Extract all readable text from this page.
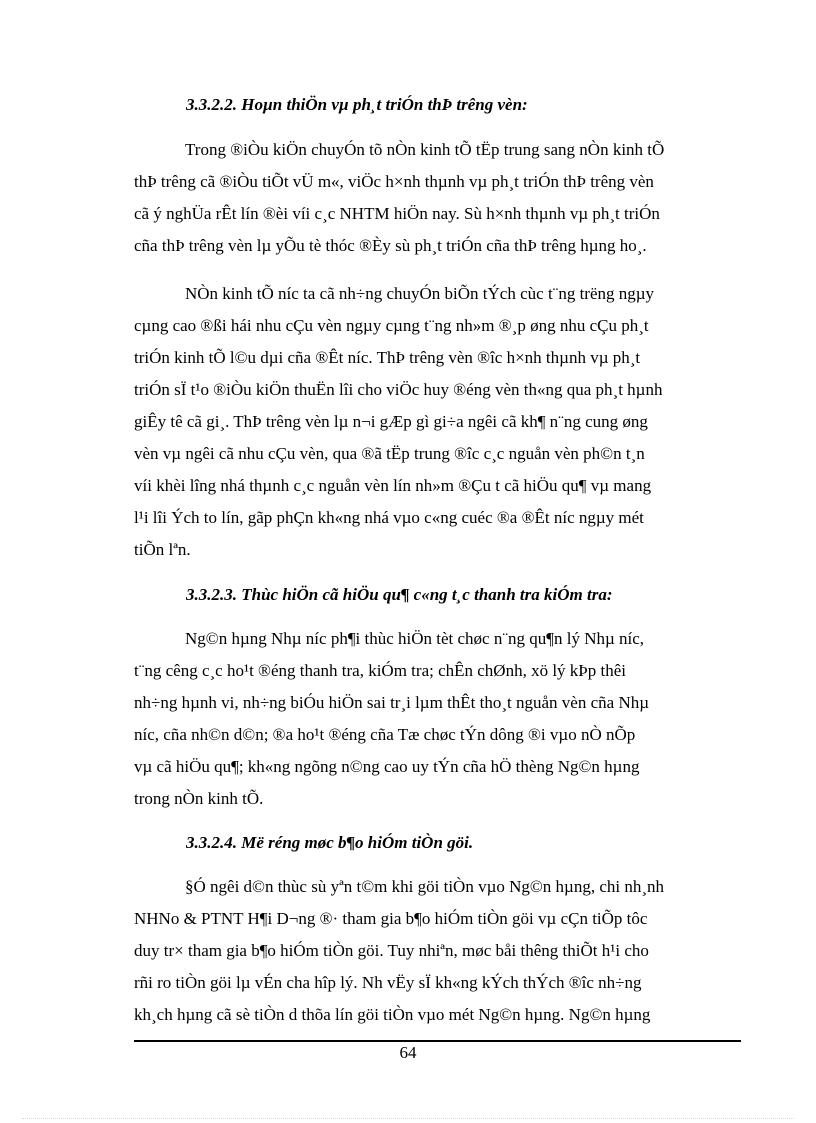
3.3.2.2. Hoµn thiÖn vµ ph¸t triÓn thÞ trêng vèn:
Trong ®iÒu kiÖn chuyÓn tõ nÒn kinh tÕ tËp trung sang nÒn kinh tÕ
thÞ trêng cã ®iÒu tiÕt vÜ m«, viÖc h×nh thµnh vµ ph¸t triÓn thÞ trêng vèn
cã ý nghÜa rÊt lín ®èi víi c¸c NHTM hiÖn nay. Sù h×nh thµnh vµ ph¸t triÓn
cña thÞ trêng vèn lµ yÕu tè thóc ®Èy sù ph¸t triÓn cña thÞ trêng hµng ho¸.
NÒn kinh tÕ níc ta cã nh÷ng chuyÓn biÕn tÝch cùc t¨ng trëng ngµy
cµng cao ®ßi hái nhu cÇu vèn ngµy cµng t¨ng nh»m ®¸p øng nhu cÇu ph¸t
triÓn kinh tÕ l©u dµi cña ®Êt níc. ThÞ trêng vèn ®îc h×nh thµnh vµ ph¸t
triÓn sÏ t¹o ®iÒu kiÖn thuËn lîi cho viÖc huy ®éng vèn th«ng qua ph¸t hµnh
giÊy tê cã gi¸. ThÞ trêng vèn lµ n¬i gÆp gì gi÷a ngêi cã kh¶ n¨ng cung øng
vèn vµ ngêi cã nhu cÇu vèn, qua ®ã tËp trung ®îc c¸c nguån vèn ph©n t¸n
víi khèi lîng nhá thµnh c¸c nguån vèn lín nh»m ®Çu t cã hiÖu qu¶ vµ mang
l¹i lîi Ých to lín, gãp phÇn kh«ng nhá vµo c«ng cuéc ®a ®Êt níc ngµy mét
tiÕn lªn.
3.3.2.3. Thùc hiÖn cã hiÖu qu¶ c«ng t¸c thanh tra kiÓm tra:
Ng©n hµng Nhµ níc ph¶i thùc hiÖn tèt chøc n¨ng qu¶n lý Nhµ níc,
t¨ng cêng c¸c ho¹t ®éng thanh tra, kiÓm tra; chÊn chØnh, xö lý kÞp thêi
nh÷ng hµnh vi, nh÷ng biÓu hiÖn sai tr¸i lµm thÊt tho¸t nguån vèn cña Nhµ
níc, cña nh©n d©n; ®a ho¹t ®éng cña Tæ chøc tÝn dông ®i vµo nÒ nÕp
vµ cã hiÖu qu¶; kh«ng ngõng n©ng cao uy tÝn cña hÖ thèng Ng©n hµng
trong nÒn kinh tÕ.
3.3.2.4. Më réng møc b¶o hiÓm tiÒn göi.
§Ó ngêi d©n thùc sù yªn t©m khi göi tiÒn vµo Ng©n hµng, chi nh¸nh
NHNo & PTNT H¶i D¬ng ®· tham gia b¶o hiÓm tiÒn göi vµ cÇn tiÕp tôc
duy tr× tham gia b¶o hiÓm tiÒn göi. Tuy nhiªn, møc båi thêng thiÕt h¹i cho
rñi ro tiÒn göi lµ vÉn cha hîp lý. Nh vËy sÏ kh«ng kÝch thÝch ®îc nh÷ng
kh¸ch hµng cã sè tiÒn d thõa lín göi tiÒn vµo mét Ng©n hµng. Ng©n hµng
64
